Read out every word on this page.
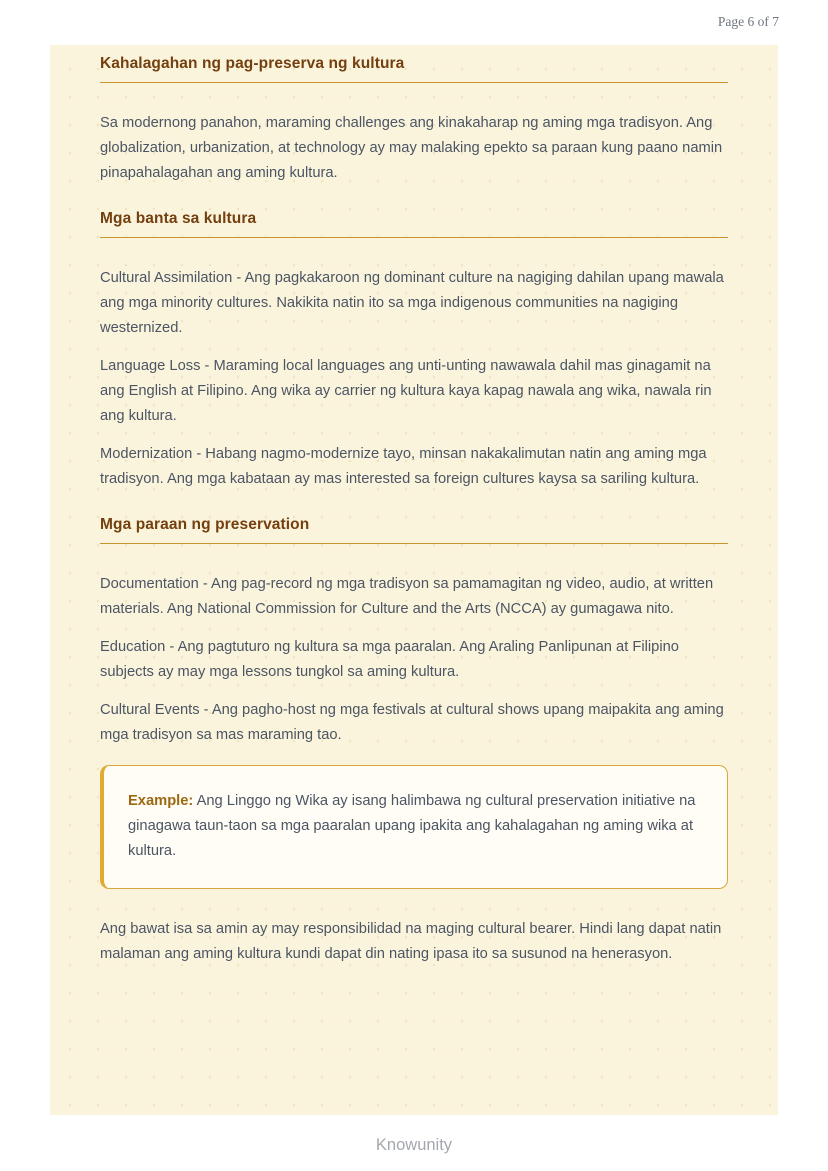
Page 6 of 7
Kahalagahan ng pag-preserva ng kultura

Sa modernong panahon, maraming challenges ang kinakaharap ng aming mga tradisyon. Ang globalization, urbanization, at technology ay may malaking epekto sa paraan kung paano namin pinapahalagahan ang aming kultura.

Mga banta sa kultura

Cultural Assimilation - Ang pagkakaroon ng dominant culture na nagiging dahilan upang mawala ang mga minority cultures. Nakikita natin ito sa mga indigenous communities na nagiging westernized.

Language Loss - Maraming local languages ang unti-unting nawawala dahil mas ginagamit na ang English at Filipino. Ang wika ay carrier ng kultura kaya kapag nawala ang wika, nawala rin ang kultura.

Modernization - Habang nagmo-modernize tayo, minsan nakakalimutan natin ang aming mga tradisyon. Ang mga kabataan ay mas interested sa foreign cultures kaysa sa sariling kultura.

Mga paraan ng preservation

Documentation - Ang pag-record ng mga tradisyon sa pamamagitan ng video, audio, at written materials. Ang National Commission for Culture and the Arts (NCCA) ay gumagawa nito.

Education - Ang pagtuturo ng kultura sa mga paaralan. Ang Araling Panlipunan at Filipino subjects ay may mga lessons tungkol sa aming kultura.

Cultural Events - Ang pagho-host ng mga festivals at cultural shows upang maipakita ang aming mga tradisyon sa mas maraming tao.

Example: Ang Linggo ng Wika ay isang halimbawa ng cultural preservation initiative na ginagawa taun-taon sa mga paaralan upang ipakita ang kahalagahan ng aming wika at kultura.

Ang bawat isa sa amin ay may responsibilidad na maging cultural bearer. Hindi lang dapat natin malaman ang aming kultura kundi dapat din nating ipasa ito sa susunod na henerasyon.

Knowunity
